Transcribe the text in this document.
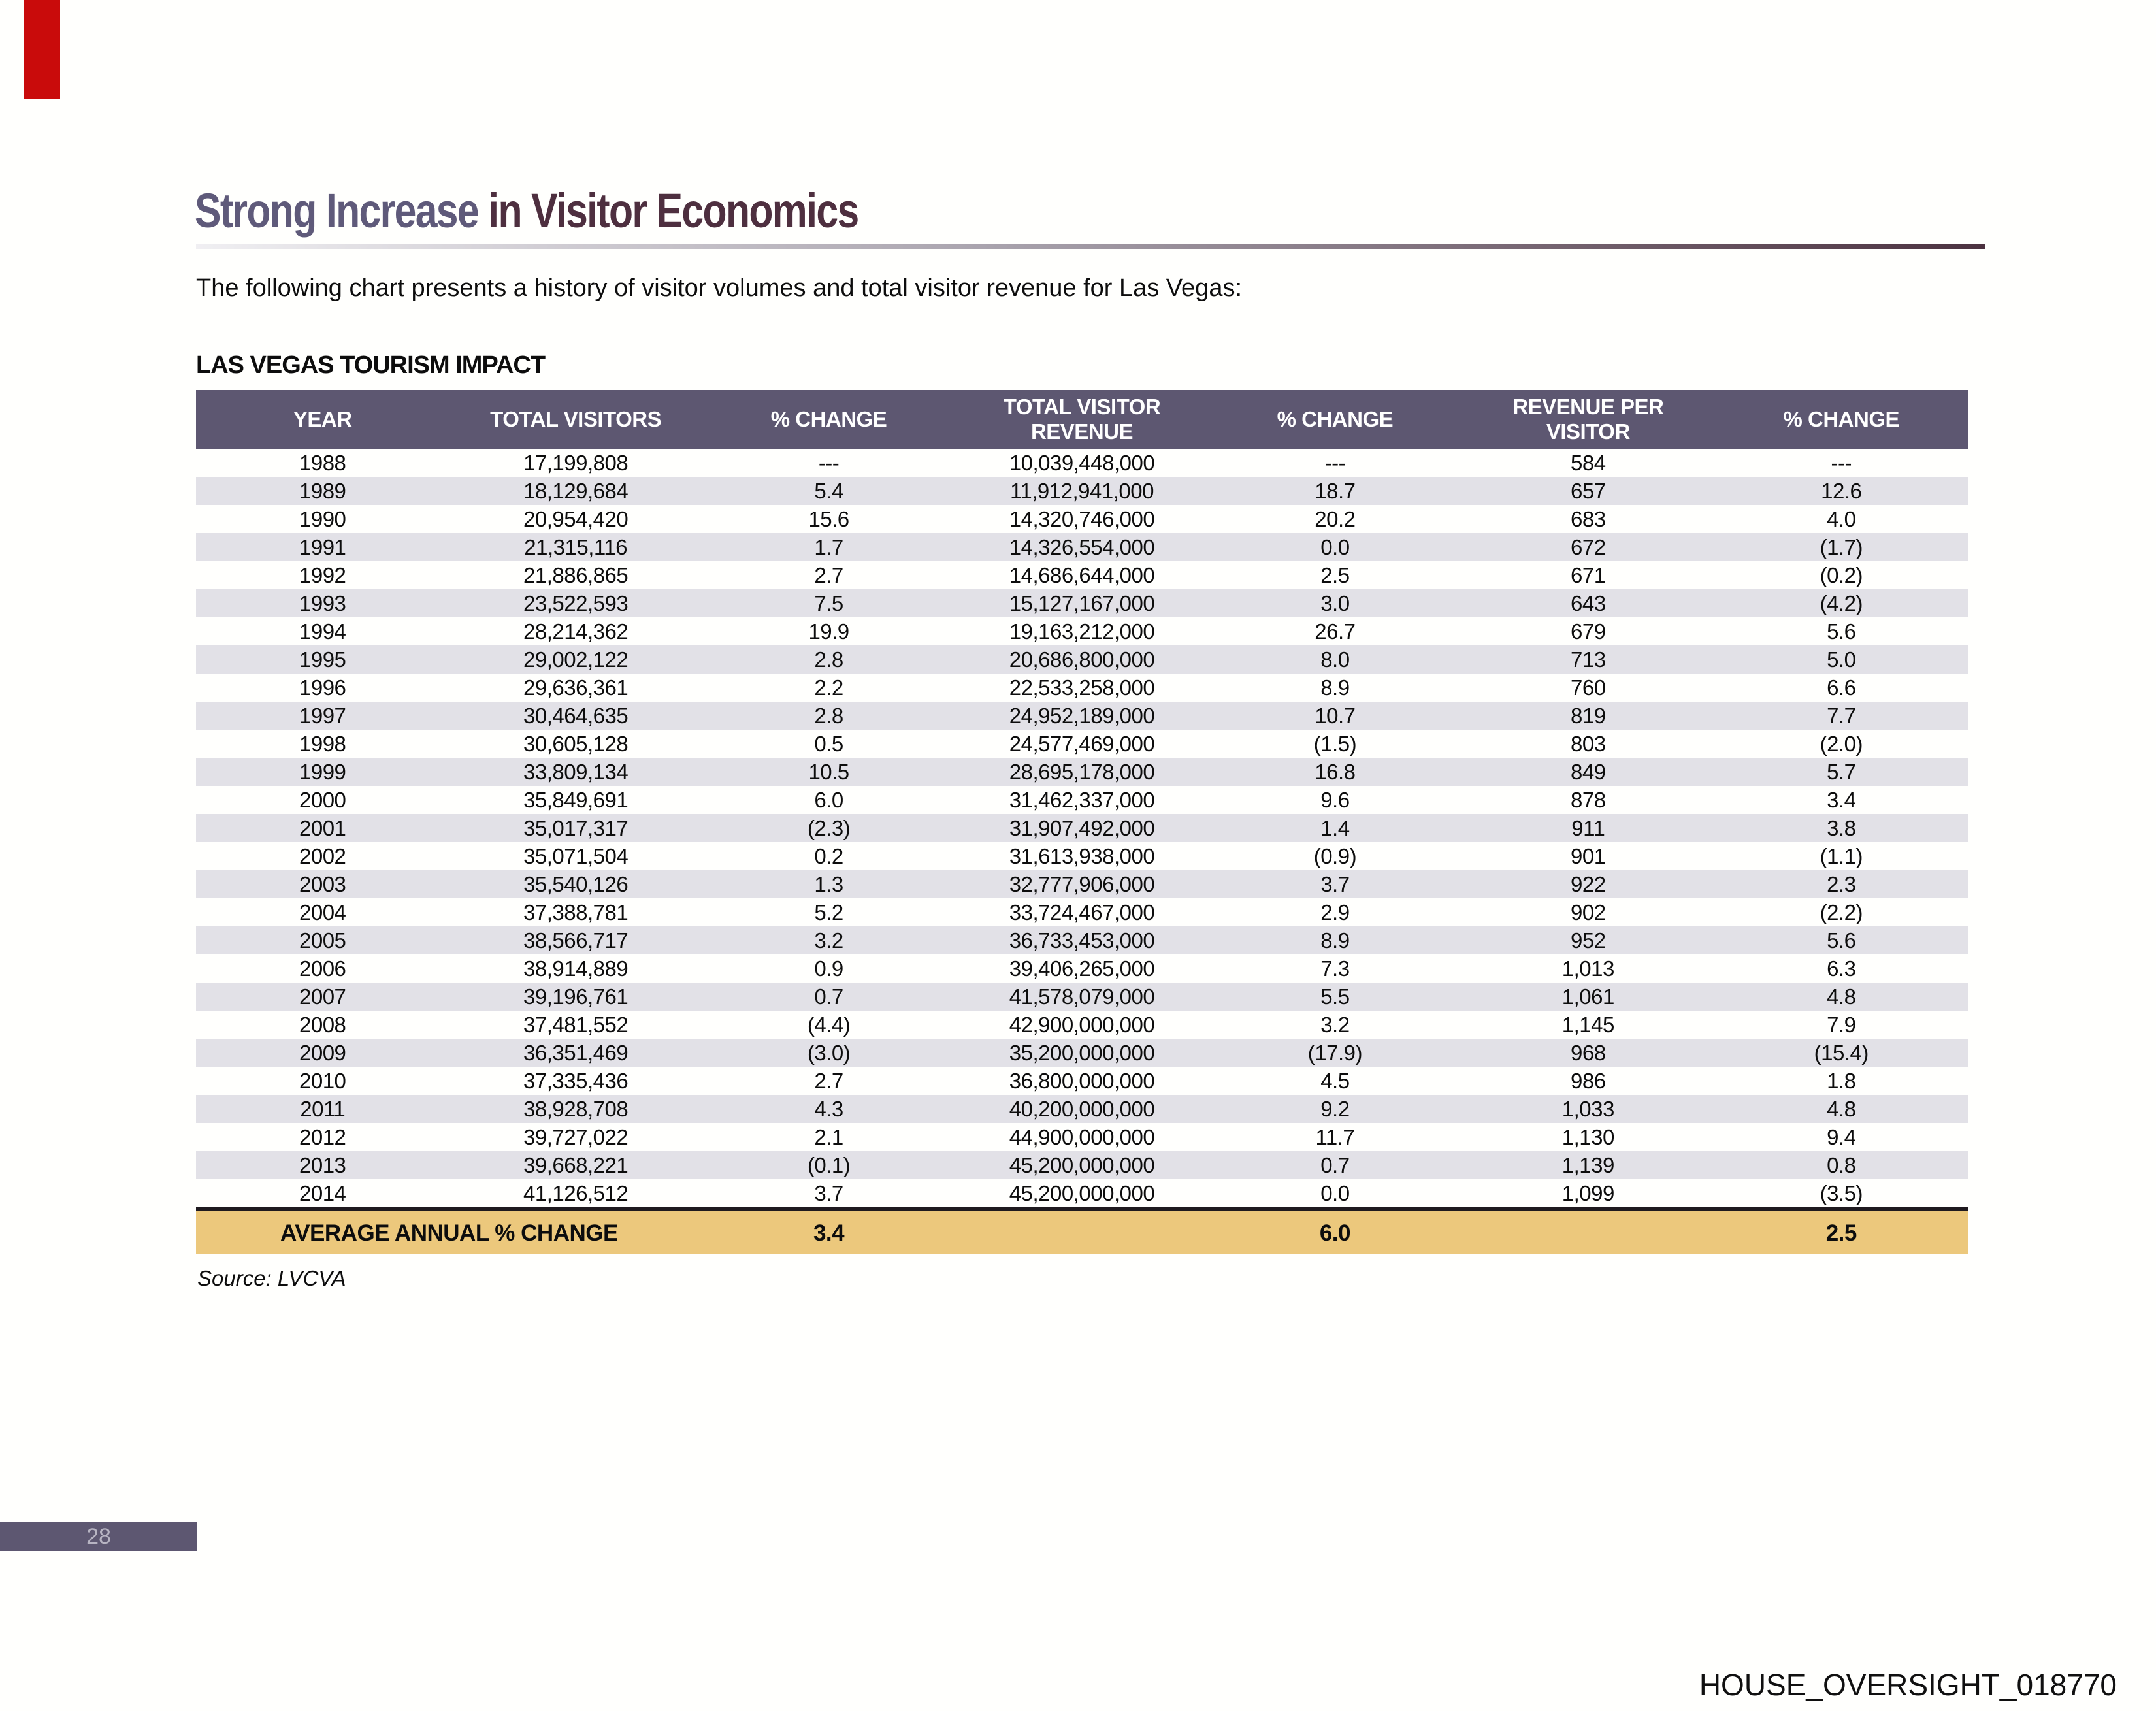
Strong Increase in Visitor Economics
The following chart presents a history of visitor volumes and total visitor revenue for Las Vegas:
LAS VEGAS TOURISM IMPACT
YEAR	TOTAL VISITORS	% CHANGE	TOTAL VISITOR REVENUE	% CHANGE	REVENUE PER VISITOR	% CHANGE
1988	17,199,808	---	10,039,448,000	---	584	---
1989	18,129,684	5.4	11,912,941,000	18.7	657	12.6
1990	20,954,420	15.6	14,320,746,000	20.2	683	4.0
1991	21,315,116	1.7	14,326,554,000	0.0	672	(1.7)
1992	21,886,865	2.7	14,686,644,000	2.5	671	(0.2)
1993	23,522,593	7.5	15,127,167,000	3.0	643	(4.2)
1994	28,214,362	19.9	19,163,212,000	26.7	679	5.6
1995	29,002,122	2.8	20,686,800,000	8.0	713	5.0
1996	29,636,361	2.2	22,533,258,000	8.9	760	6.6
1997	30,464,635	2.8	24,952,189,000	10.7	819	7.7
1998	30,605,128	0.5	24,577,469,000	(1.5)	803	(2.0)
1999	33,809,134	10.5	28,695,178,000	16.8	849	5.7
2000	35,849,691	6.0	31,462,337,000	9.6	878	3.4
2001	35,017,317	(2.3)	31,907,492,000	1.4	911	3.8
2002	35,071,504	0.2	31,613,938,000	(0.9)	901	(1.1)
2003	35,540,126	1.3	32,777,906,000	3.7	922	2.3
2004	37,388,781	5.2	33,724,467,000	2.9	902	(2.2)
2005	38,566,717	3.2	36,733,453,000	8.9	952	5.6
2006	38,914,889	0.9	39,406,265,000	7.3	1,013	6.3
2007	39,196,761	0.7	41,578,079,000	5.5	1,061	4.8
2008	37,481,552	(4.4)	42,900,000,000	3.2	1,145	7.9
2009	36,351,469	(3.0)	35,200,000,000	(17.9)	968	(15.4)
2010	37,335,436	2.7	36,800,000,000	4.5	986	1.8
2011	38,928,708	4.3	40,200,000,000	9.2	1,033	4.8
2012	39,727,022	2.1	44,900,000,000	11.7	1,130	9.4
2013	39,668,221	(0.1)	45,200,000,000	0.7	1,139	0.8
2014	41,126,512	3.7	45,200,000,000	0.0	1,099	(3.5)
AVERAGE ANNUAL % CHANGE		3.4		6.0		2.5
Source: LVCVA
28
HOUSE_OVERSIGHT_018770
